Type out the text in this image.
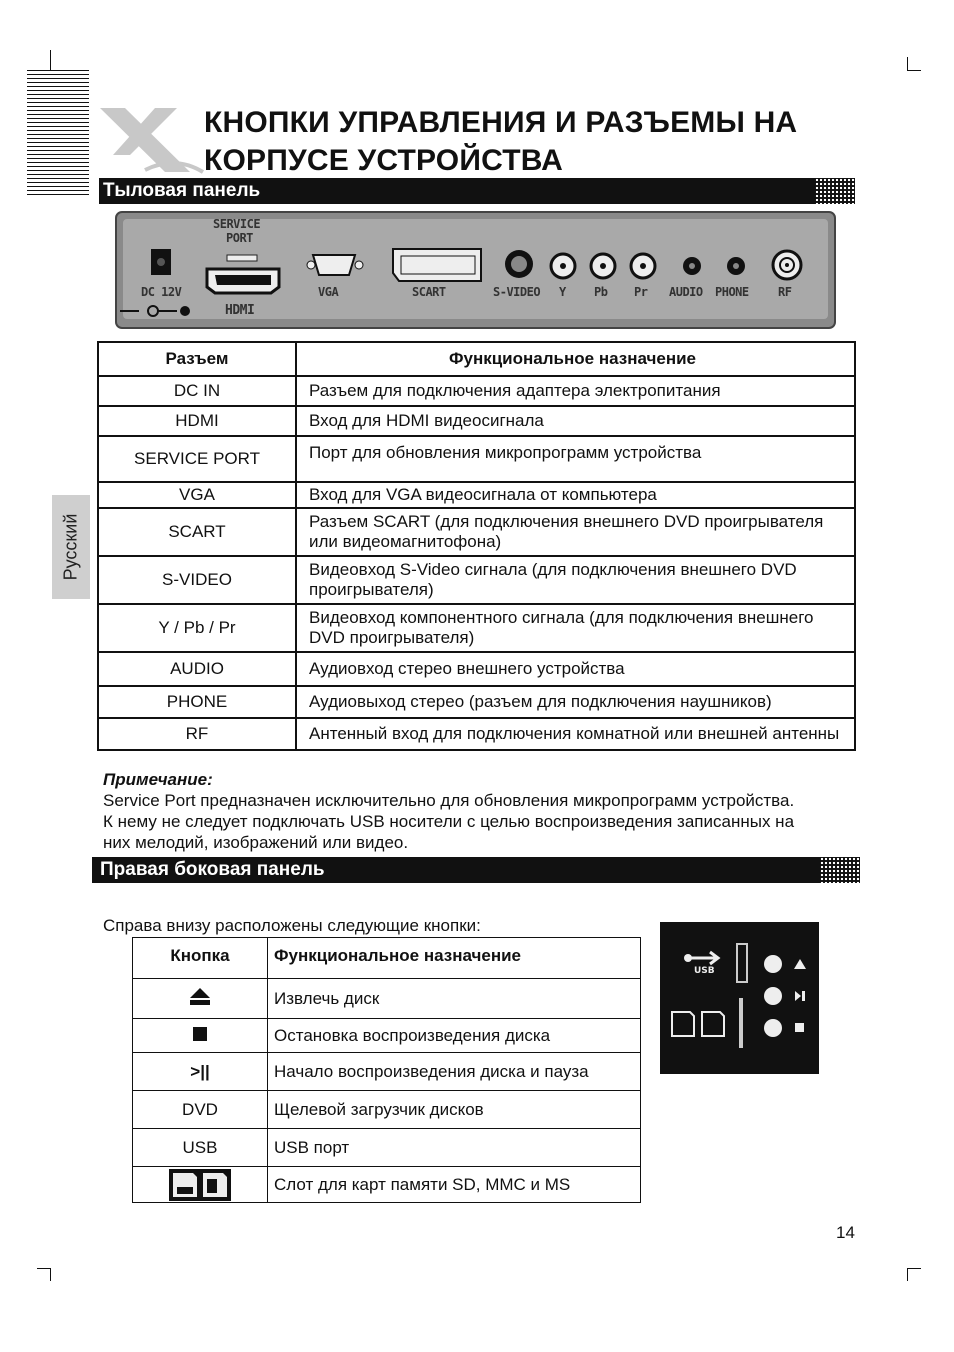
КНОПКИ УПРАВЛЕНИЯ И РАЗЪЕМЫ НА
КОРПУСЕ УСТРОЙСТВА
Тыловая панель
Русский
DC 12V
SERVICE
PORT
HDMI
VGA	SCART	S-VIDEO Y Pb Pr AUDIO PHONE RF
Разъем	Функциональное назначение
DC IN	Разъем для подключения адаптера электропитания
HDMI	Вход для HDMI видеосигнала
SERVICE PORT	Порт для обновления микропрограмм устройства
VGA	Вход для VGA видеосигнала от компьютера
SCART	Разъем SCART (для подключения внешнего DVD проигрывателя или видеомагнитофона)
S-VIDEO	Видеовход S-Video сигнала (для подключения внешнего DVD проигрывателя)
Y / Pb / Pr	Видеовход компонентного сигнала (для подключения внешнего DVD проигрывателя)
AUDIO	Аудиовход стерео внешнего устройства
PHONE	Аудиовыход стерео (разъем для подключения наушников)
RF	Антенный вход для подключения комнатной или внешней антенны
Примечание:
Service Port предназначен исключительно для обновления микропрограмм устройства.
К нему не следует подключать USB носители с целью воспроизведения записанных на
них мелодий, изображений или видео.
Правая боковая панель
Справа внизу расположены следующие кнопки:
Кнопка	Функциональное назначение
	Извлечь диск
	Остановка воспроизведения диска
>||	Начало воспроизведения диска и пауза
DVD	Щелевой загрузчик дисков
USB	USB порт
	Слот для карт памяти SD, MMC и MS
USB
14
